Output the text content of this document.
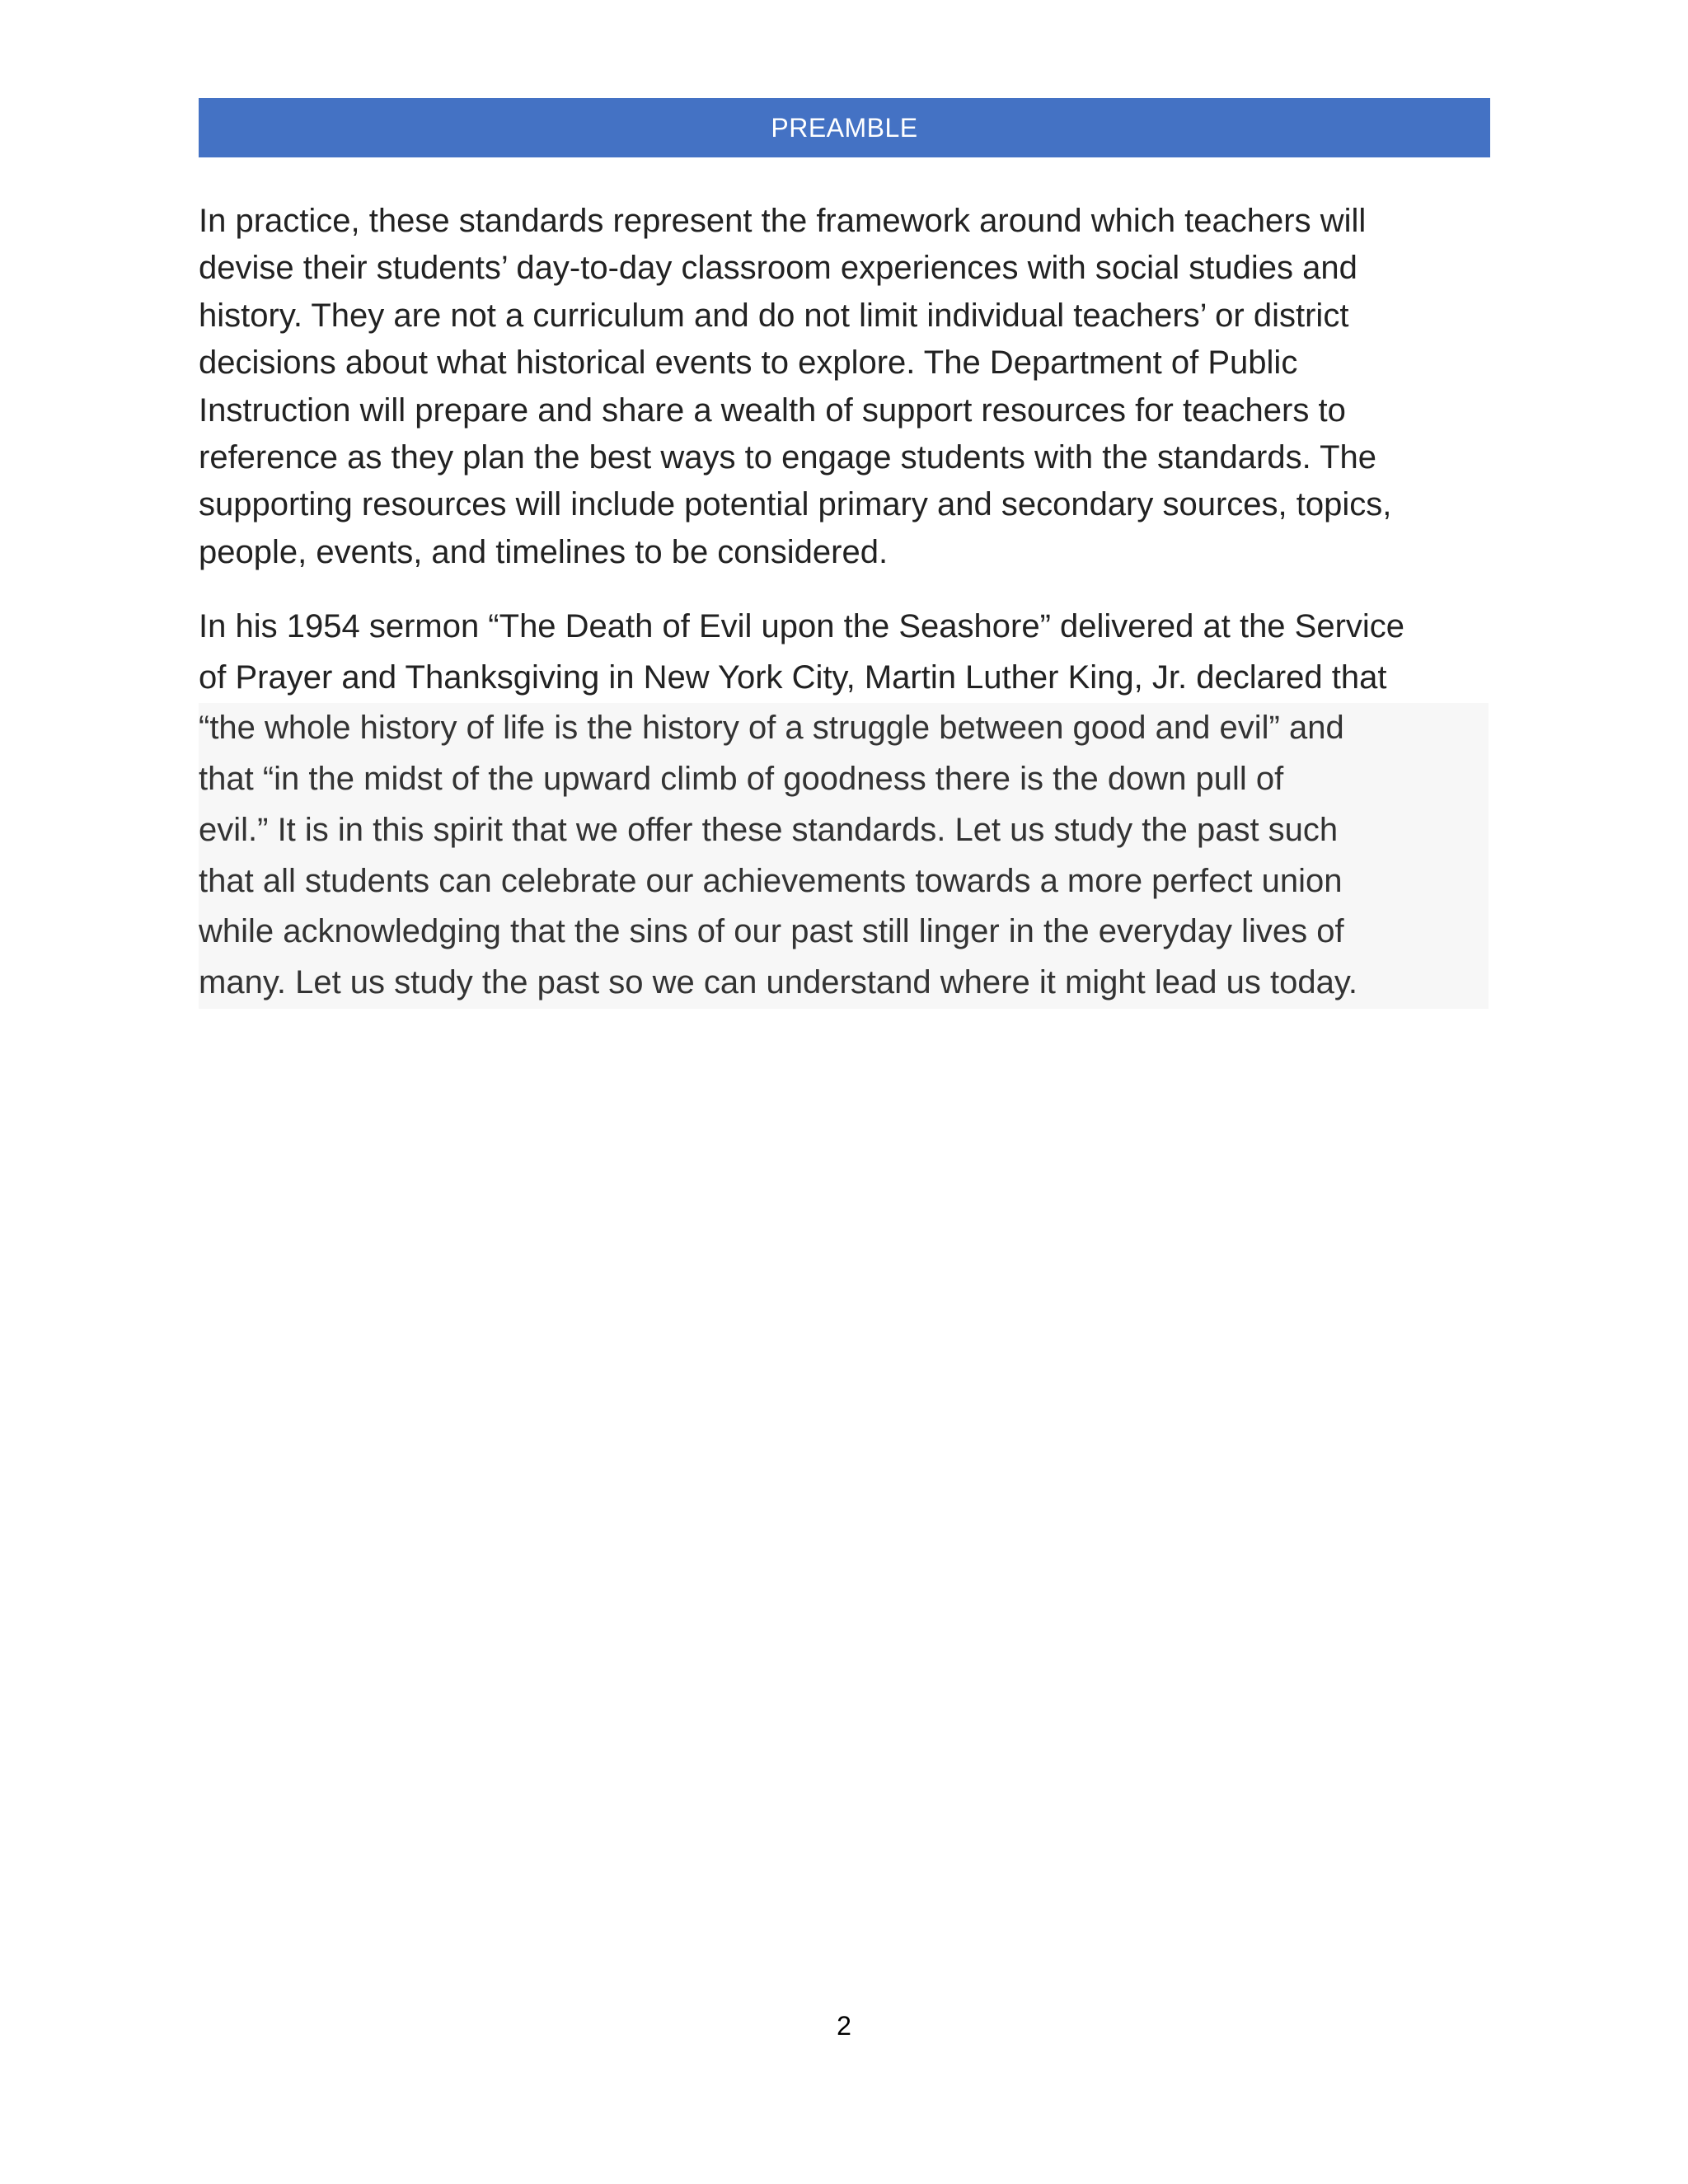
PREAMBLE

In practice, these standards represent the framework around which teachers will
devise their students’ day-to-day classroom experiences with social studies and
history. They are not a curriculum and do not limit individual teachers’ or district
decisions about what historical events to explore. The Department of Public
Instruction will prepare and share a wealth of support resources for teachers to
reference as they plan the best ways to engage students with the standards. The
supporting resources will include potential primary and secondary sources, topics,
people, events, and timelines to be considered.

In his 1954 sermon “The Death of Evil upon the Seashore” delivered at the Service
of Prayer and Thanksgiving in New York City, Martin Luther King, Jr. declared that
“the whole history of life is the history of a struggle between good and evil” and
that “in the midst of the upward climb of goodness there is the down pull of
evil.” It is in this spirit that we offer these standards. Let us study the past such
that all students can celebrate our achievements towards a more perfect union
while acknowledging that the sins of our past still linger in the everyday lives of
many. Let us study the past so we can understand where it might lead us today.

2
